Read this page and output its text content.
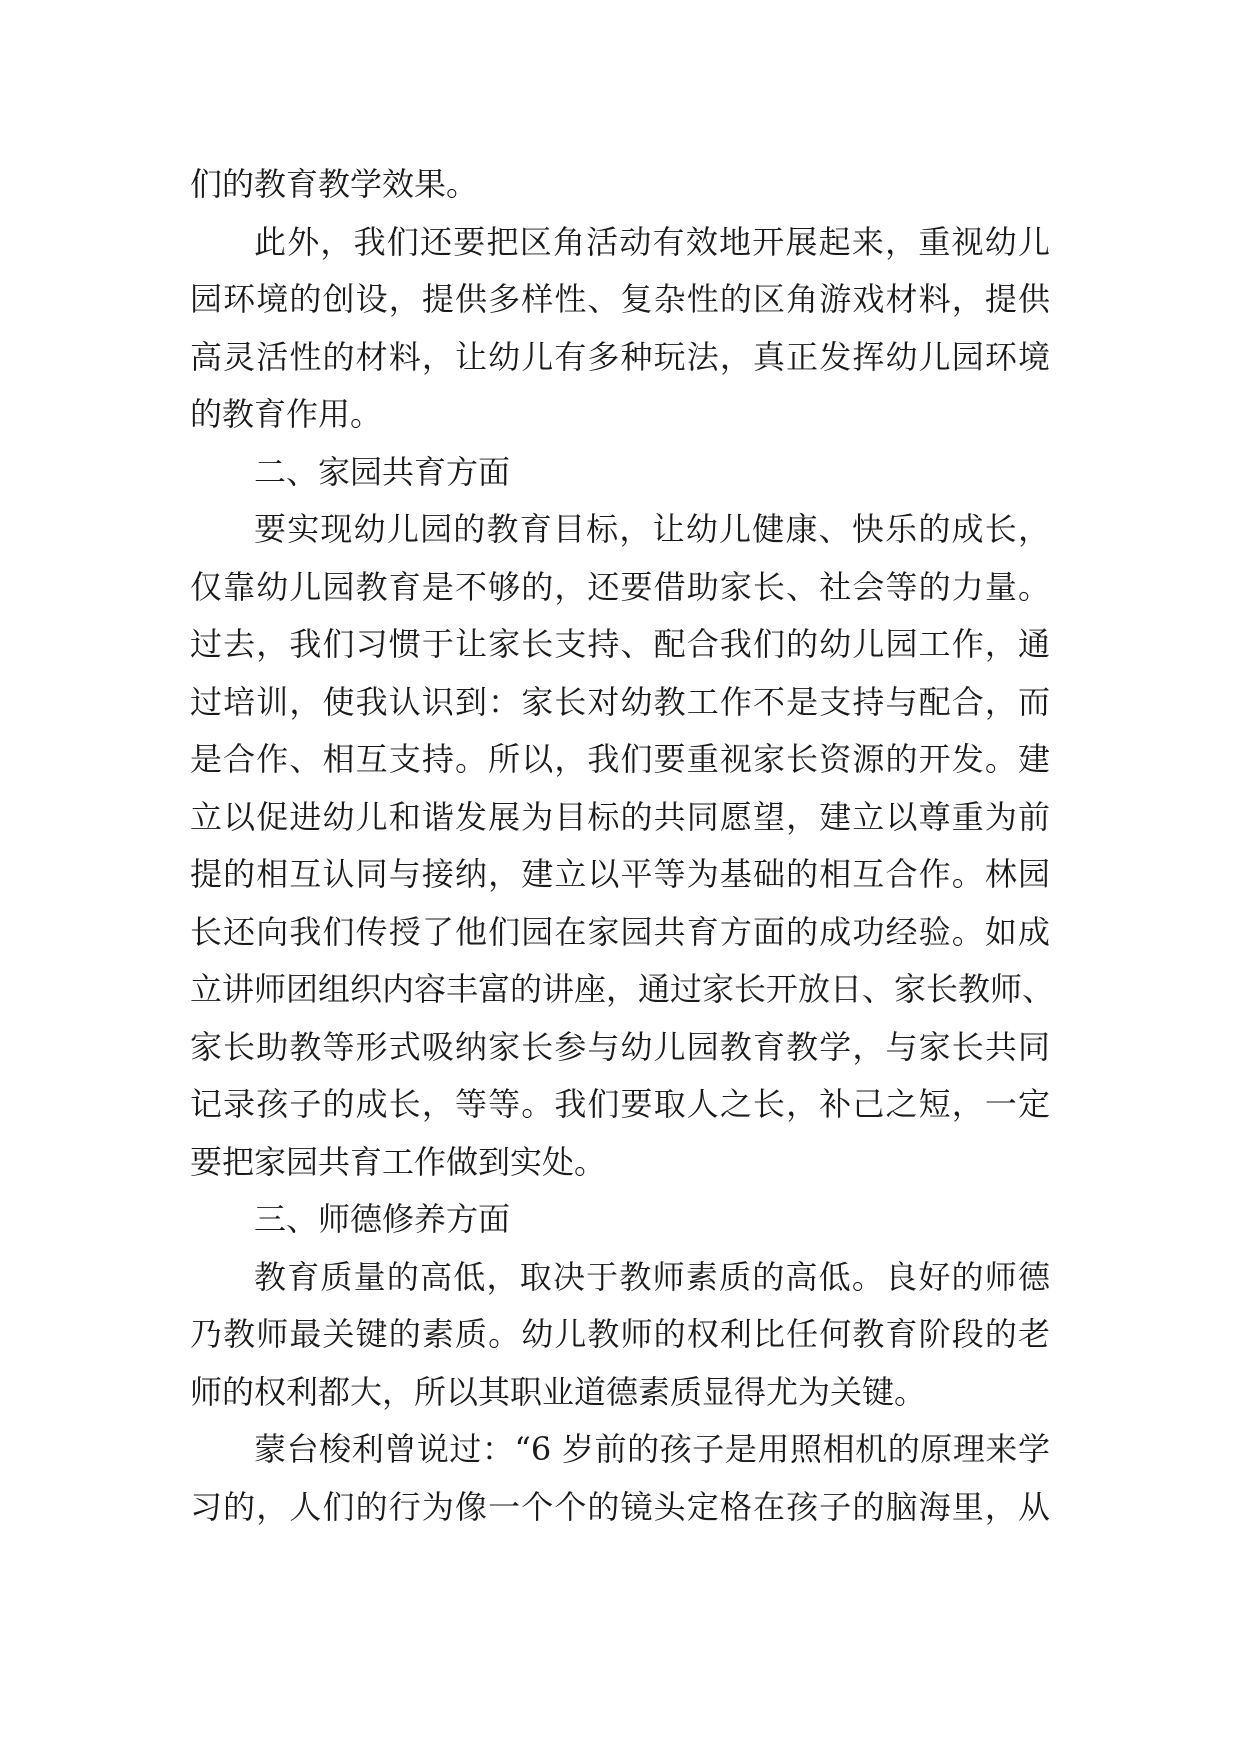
们的教育教学效果。
此外，我们还要把区角活动有效地开展起来，重视幼儿
园环境的创设，提供多样性、复杂性的区角游戏材料，提供
高灵活性的材料，让幼儿有多种玩法，真正发挥幼儿园环境
的教育作用。
二、家园共育方面
要实现幼儿园的教育目标，让幼儿健康、快乐的成长，
仅靠幼儿园教育是不够的，还要借助家长、社会等的力量。
过去，我们习惯于让家长支持、配合我们的幼儿园工作，通
过培训，使我认识到：家长对幼教工作不是支持与配合，而
是合作、相互支持。所以，我们要重视家长资源的开发。建
立以促进幼儿和谐发展为目标的共同愿望，建立以尊重为前
提的相互认同与接纳，建立以平等为基础的相互合作。林园
长还向我们传授了他们园在家园共育方面的成功经验。如成
立讲师团组织内容丰富的讲座，通过家长开放日、家长教师、
家长助教等形式吸纳家长参与幼儿园教育教学，与家长共同
记录孩子的成长，等等。我们要取人之长，补己之短，一定
要把家园共育工作做到实处。
三、师德修养方面
教育质量的高低，取决于教师素质的高低。良好的师德
乃教师最关键的素质。幼儿教师的权利比任何教育阶段的老
师的权利都大，所以其职业道德素质显得尤为关键。
蒙台梭利曾说过：“6 岁前的孩子是用照相机的原理来学
习的，人们的行为像一个个的镜头定格在孩子的脑海里，从
